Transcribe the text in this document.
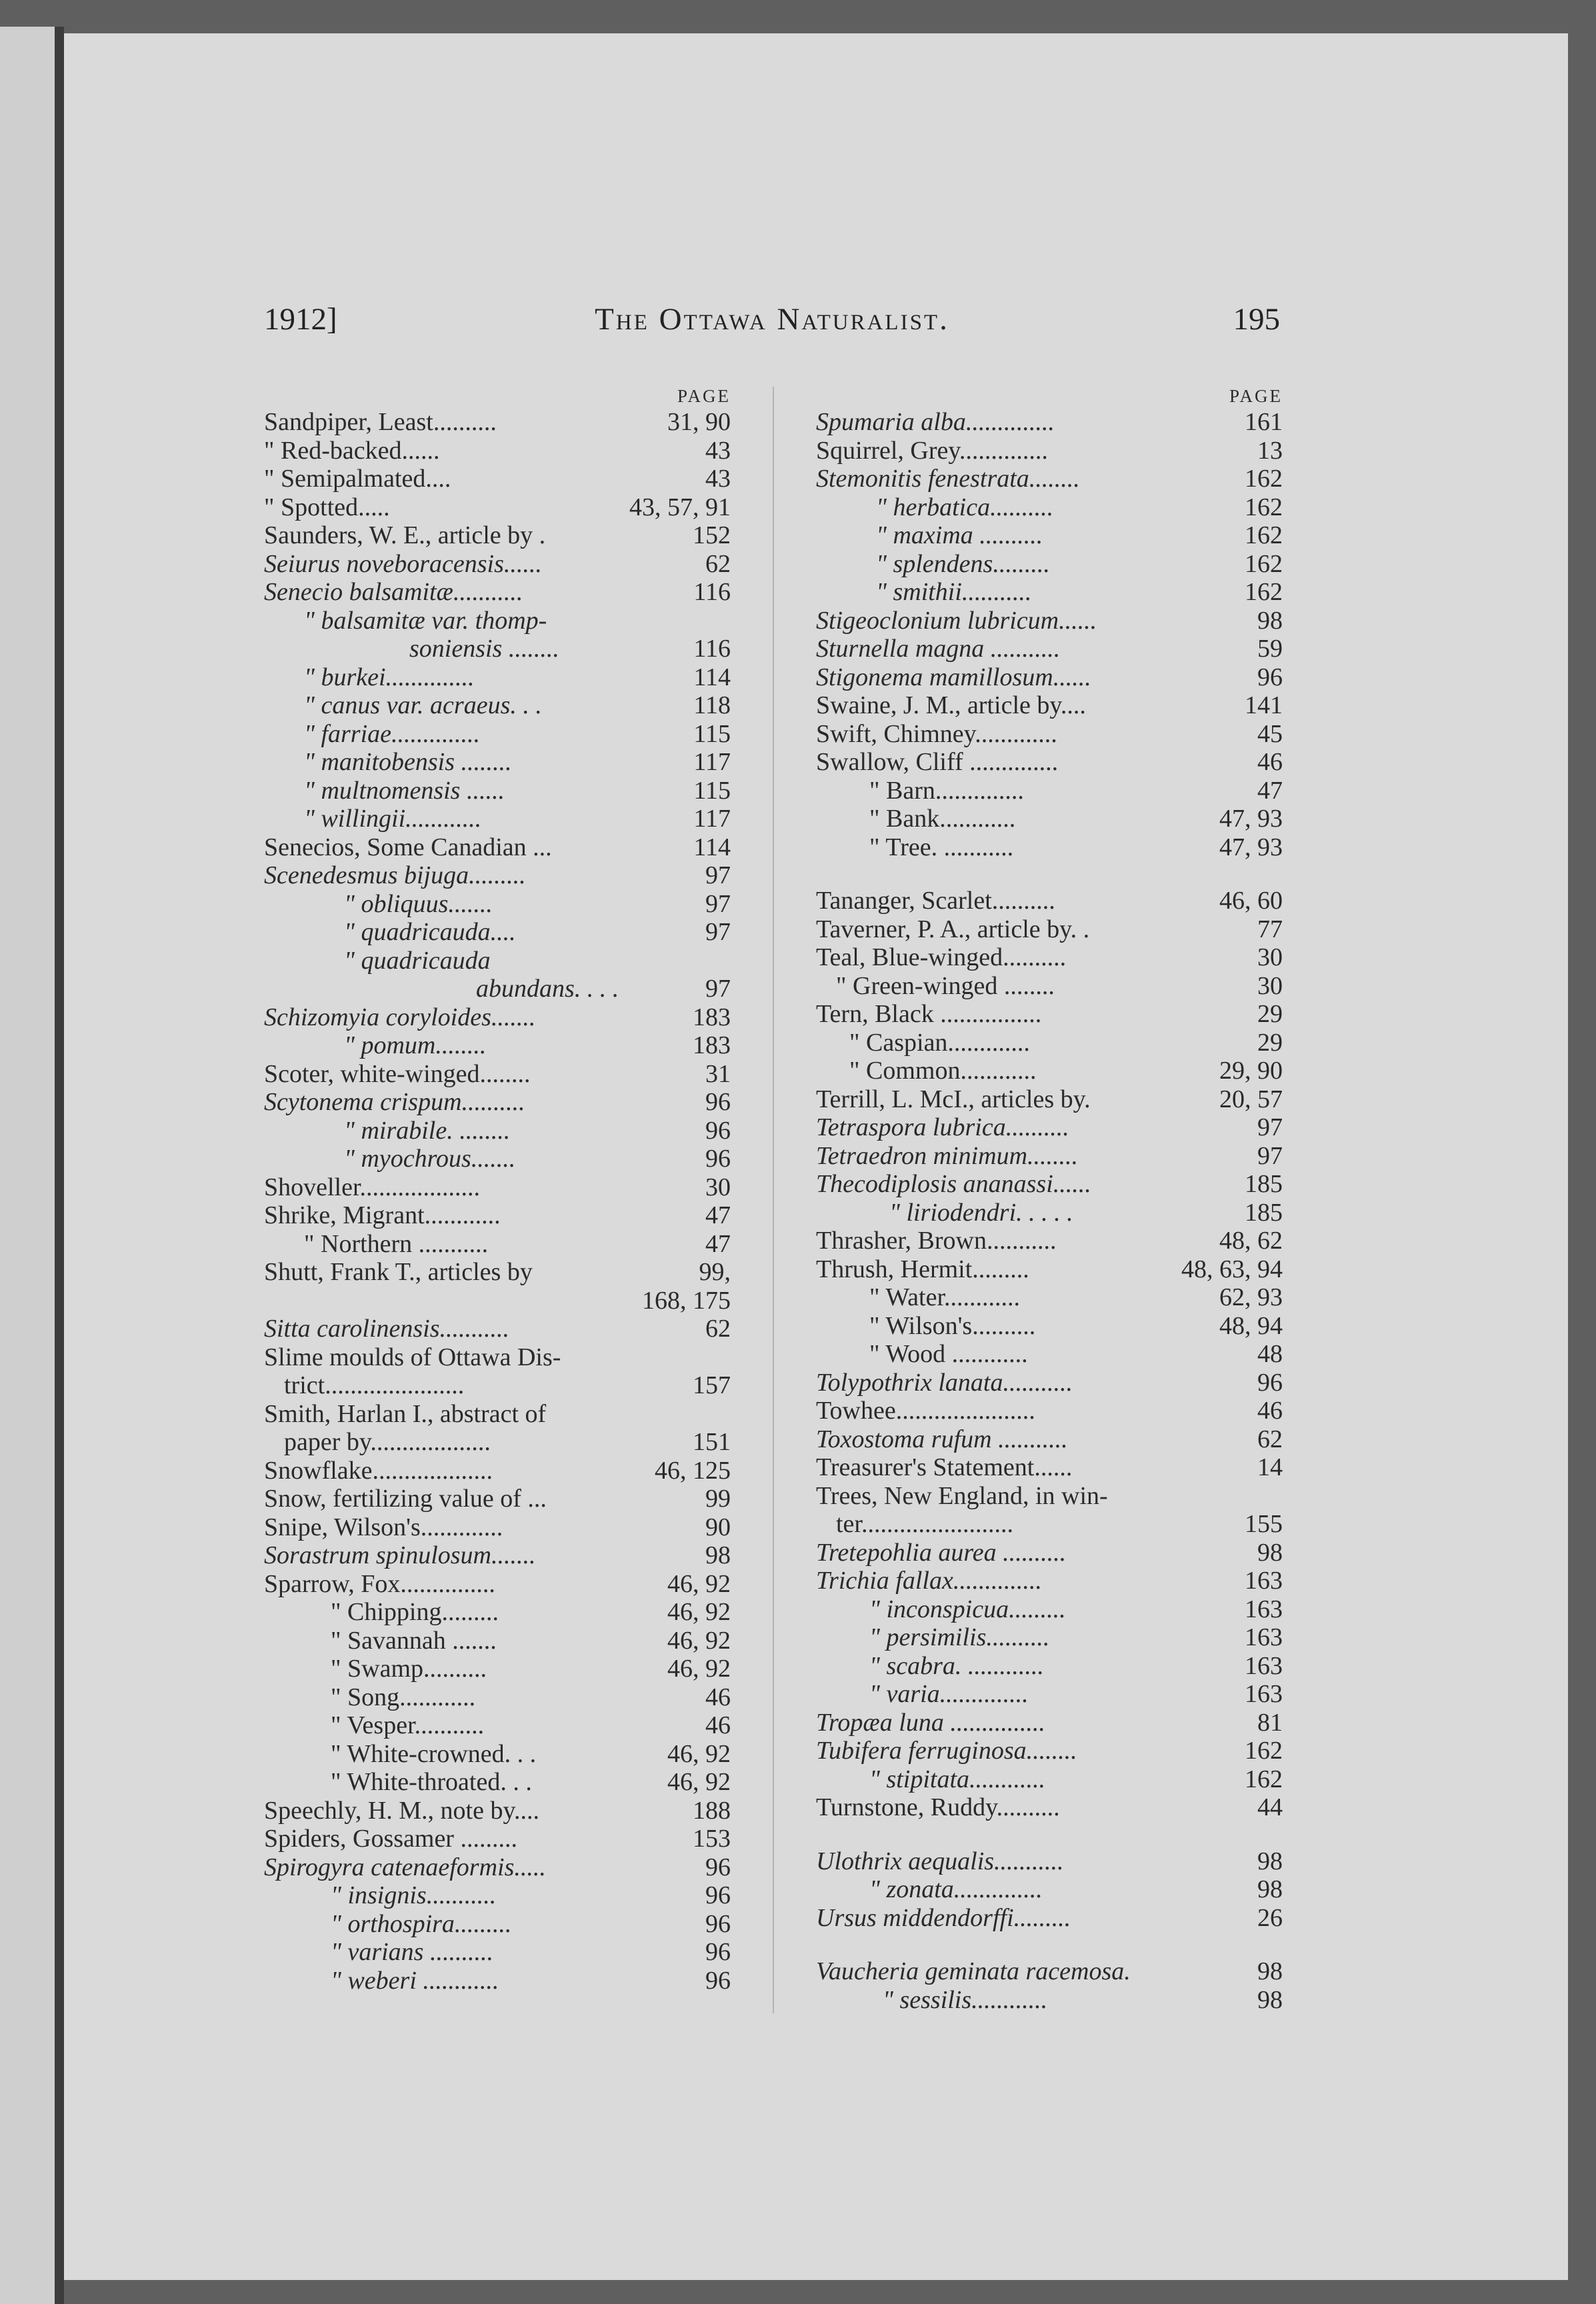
1912]	The Ottawa Naturalist.	195
PAGE
Sandpiper, Least..........	31, 90
" Red-backed......	43
" Semipalmated....	43
" Spotted.....	43, 57, 91
Saunders, W. E., article by .	152
Seiurus noveboracensis......	62
Senecio balsamitæ...........	116
" balsamitæ var. thomp-
soniensis ........	116
" burkei..............	114
" canus var. acraeus. . .	118
" farriae..............	115
" manitobensis ........	117
" multnomensis ......	115
" willingii............	117
Senecios, Some Canadian ...	114
Scenedesmus bijuga.........	97
" obliquus.......	97
" quadricauda....	97
" quadricauda
abundans. . . .	97
Schizomyia coryloides.......	183
" pomum........	183
Scoter, white-winged........	31
Scytonema crispum..........	96
" mirabile. ........	96
" myochrous.......	96
Shoveller...................	30
Shrike, Migrant............	47
" Northern ...........	47
Shutt, Frank T., articles by	99,
168, 175
Sitta carolinensis...........	62
Slime moulds of Ottawa Dis-
trict......................	157
Smith, Harlan I., abstract of
paper by...................	151
Snowflake...................	46, 125
Snow, fertilizing value of ...	99
Snipe, Wilson's.............	90
Sorastrum spinulosum.......	98
Sparrow, Fox...............	46, 92
" Chipping.........	46, 92
" Savannah .......	46, 92
" Swamp..........	46, 92
" Song............	46
" Vesper...........	46
" White-crowned. . .	46, 92
" White-throated. . .	46, 92
Speechly, H. M., note by....	188
Spiders, Gossamer .........	153
Spirogyra catenaeformis.....	96
" insignis...........	96
" orthospira.........	96
" varians ..........	96
" weberi ............	96
PAGE
Spumaria alba..............	161
Squirrel, Grey..............	13
Stemonitis fenestrata........	162
" herbatica..........	162
" maxima ..........	162
" splendens.........	162
" smithii...........	162
Stigeoclonium lubricum......	98
Sturnella magna ...........	59
Stigonema mamillosum......	96
Swaine, J. M., article by....	141
Swift, Chimney.............	45
Swallow, Cliff ..............	46
" Barn..............	47
" Bank............	47, 93
" Tree. ...........	47, 93
Tananger, Scarlet..........	46, 60
Taverner, P. A., article by. .	77
Teal, Blue-winged..........	30
" Green-winged ........	30
Tern, Black ................	29
" Caspian.............	29
" Common............	29, 90
Terrill, L. McI., articles by.	20, 57
Tetraspora lubrica..........	97
Tetraedron minimum........	97
Thecodiplosis ananassi......	185
" liriodendri. . . . .	185
Thrasher, Brown...........	48, 62
Thrush, Hermit.........	48, 63, 94
" Water............	62, 93
" Wilson's..........	48, 94
" Wood ............	48
Tolypothrix lanata...........	96
Towhee......................	46
Toxostoma rufum ...........	62
Treasurer's Statement......	14
Trees, New England, in win-
ter........................	155
Tretepohlia aurea ..........	98
Trichia fallax..............	163
" inconspicua.........	163
" persimilis..........	163
" scabra. ............	163
" varia..............	163
Tropæa luna ...............	81
Tubifera ferruginosa........	162
" stipitata............	162
Turnstone, Ruddy..........	44
Ulothrix aequalis...........	98
" zonata..............	98
Ursus middendorffi.........	26
Vaucheria geminata racemosa.	98
" sessilis............	98
